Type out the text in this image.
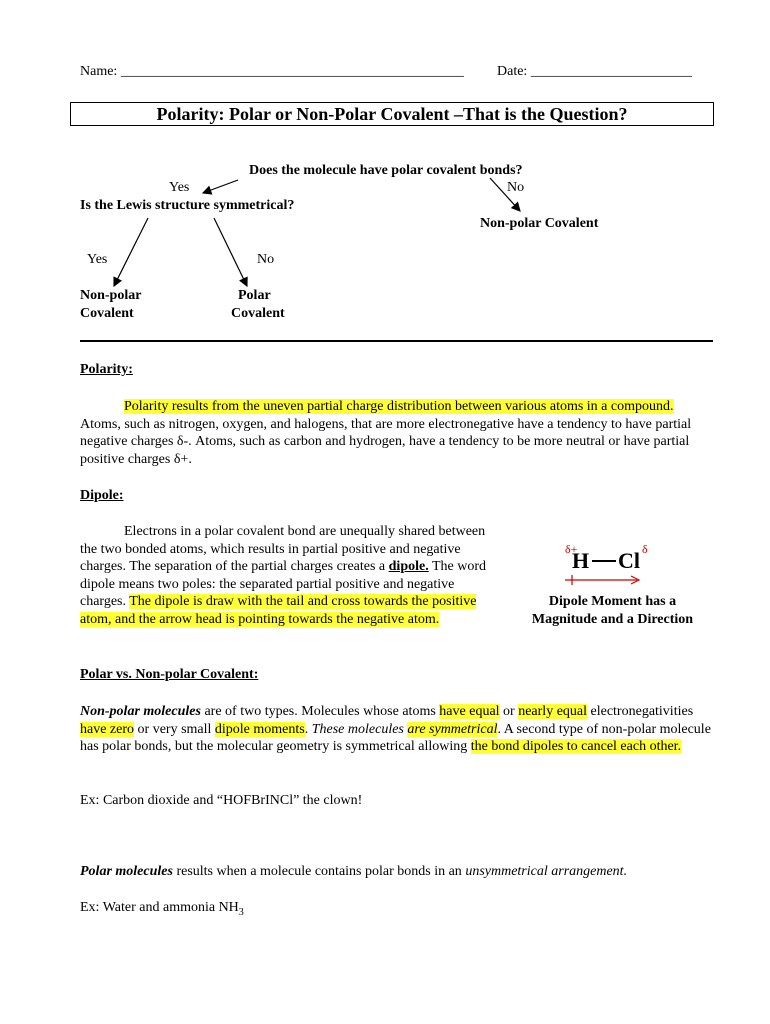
Name: _________________________________________________ Date: _______________________
Polarity: Polar or Non-Polar Covalent –That is the Question?
Does the molecule have polar covalent bonds?
Yes	No
Is the Lewis structure symmetrical?
Non-polar Covalent
Yes	No
Non-polar
Covalent
Polar
Covalent
Polarity:
Polarity results from the uneven partial charge distribution between various atoms in a compound. Atoms, such as nitrogen, oxygen, and halogens, that are more electronegative have a tendency to have partial negative charges δ-. Atoms, such as carbon and hydrogen, have a tendency to be more neutral or have partial positive charges δ+.
Dipole:
Electrons in a polar covalent bond are unequally shared between the two bonded atoms, which results in partial positive and negative charges. The separation of the partial charges creates a dipole. The word dipole means two poles: the separated partial positive and negative charges. The dipole is draw with the tail and cross towards the positive atom, and the arrow head is pointing towards the negative atom.
δ+
H Cl δ
Dipole Moment has a
Magnitude and a Direction
Polar vs. Non-polar Covalent:
Non-polar molecules are of two types. Molecules whose atoms have equal or nearly equal electronegativities have zero or very small dipole moments. These molecules are symmetrical. A second type of non-polar molecule has polar bonds, but the molecular geometry is symmetrical allowing the bond dipoles to cancel each other.
Ex: Carbon dioxide and “HOFBrINCl” the clown!
Polar molecules results when a molecule contains polar bonds in an unsymmetrical arrangement.
Ex: Water and ammonia $NH_3$
